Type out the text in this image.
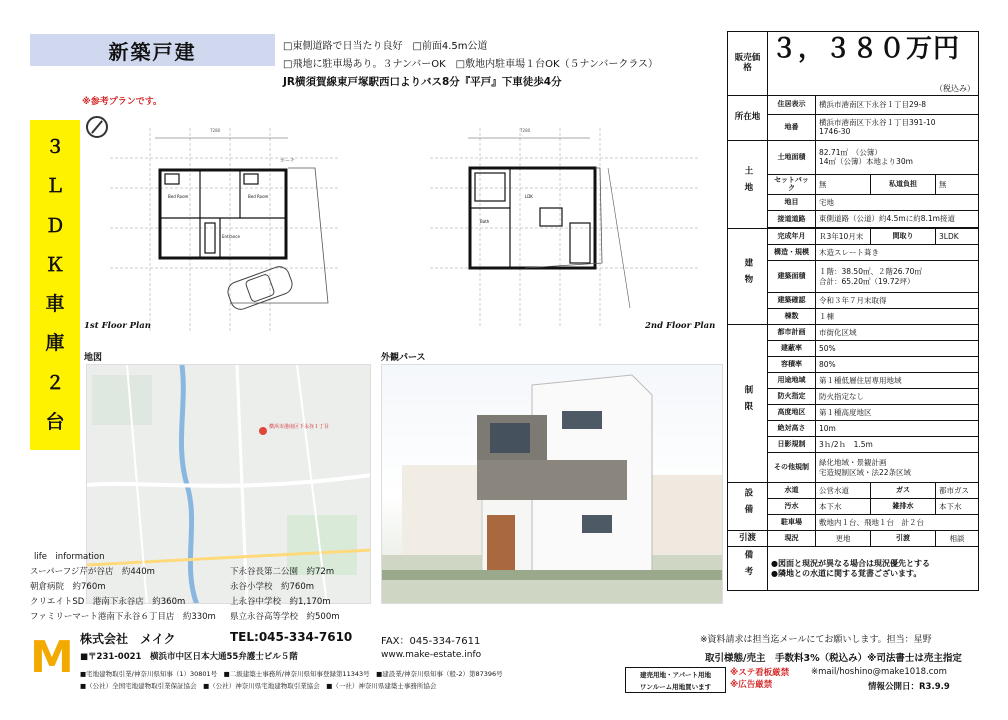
新築戸建	□東側道路で日当たり良好　□前面4.5m公道
□飛地に駐車場あり。３ナンバーOK　□敷地内駐車場１台OK（５ナンバークラス）
JR横須賀線東戸塚駅西口よりバス8分『平戸』下車徒歩4分
※参考プランです。
３
Ｌ
Ｄ
Ｋ
車
庫
２
台
Bed Room	Bed Room
Entrance
ポーチ
1st Floor Plan
7280
LDK
Bath
2nd Floor Plan
7280
地図
横浜市港南区下永谷１丁目
外観パース
life　information
スーパーフジ芹が谷店　約440m	下永谷長第二公園　約72m
朝倉病院　約760m	永谷小学校　約760m
クリエイトSD　港南下永谷店　約360m	上永谷中学校　約1,170m
ファミリーマート港南下永谷６丁目店　約330m	県立永谷高等学校　約500m
M 株式会社　メイク	TEL:045-334-7610	FAX：045-334-7611
■〒231-0021　横浜市中区日本大通55弁護士ビル５階	www.make-estate.info
■宅地建物取引業/神奈川県知事（1）30801号　■二級建築士事務所/神奈川県知事登録第11343号　■建設業/神奈川県知事（般-2）第87396号
■（公社）全国宅地建物取引業保証協会　■（公社）神奈川県宅地建物取引業協会　■（一社）神奈川県建築士事務所協会
※資料請求は担当迄メールにてお願いします。担当：星野
取引様態/売主　手数料3%（税込み）※司法書士は売主指定
建売用地・アパート用地
ワンルーム用地買います
※ステ看板厳禁
※広告厳禁
※mail/hoshino@make1018.com
情報公開日：R3.9.9
販売価格	３，３８０万円
（税込み）			

所在地	住居表示	横浜市港南区下永谷１丁目29-8		
	地番	横浜市港南区下永谷１丁目391-10
1746-30		

土地	土地面積	82.71㎡　（公簿）
14㎡（公簿）本地より30m		

	セットバック	無	私道負担	無
	地目	宅地		
	接道道路	東側道路（公道）約4.5mに約8.1m接道		

建物	完成年月	Ｒ3年10月末	間取り	3LDK
	構造・規模	木造スレート葺き		
	建築面積	１階：38.50㎡、２階26.70㎡
合計：65.20㎡（19.72坪）		

	建築確認	令和３年７月末取得		
	棟数	１棟		
制限	都市計画	市街化区域		
	建蔽率	50%		
	容積率	80%		
	用途地域	第１種低層住居専用地域		
	防火指定	防火指定なし		
	高度地区	第１種高度地区		
	絶対高さ	10m		
	日影規制	3ｈ/2ｈ　1.5m		
	その他規制	緑化地域・景観計画
宅造規制区域・法22条区域		

設備	水道	公営水道	ガス	都市ガス
	汚水	本下水	雑排水	本下水
	駐車場	敷地内１台、飛地１台　計２台		
引渡	現況	更地	引渡	相談
備考	●図面と現況が異なる場合は現況優先とする
●隣地との水道に関する覚書ございます。			
